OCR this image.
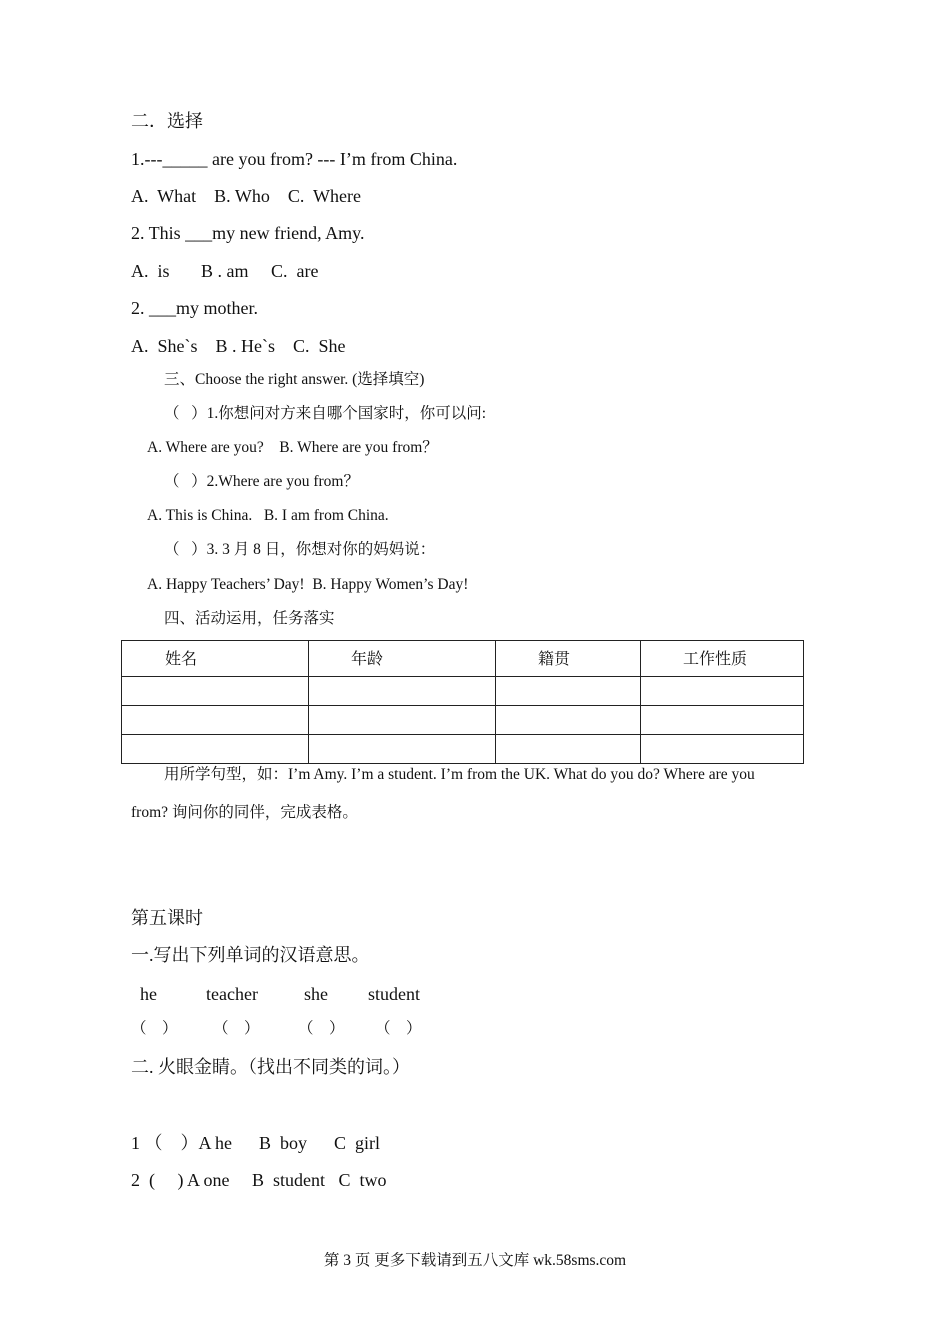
二．选择
1.---_____ are you from? --- I’m from China.
A.  What    B. Who    C.  Where
2. This ___my new friend, Amy.
A.  is       B . am     C.  are
2. ___my mother.
A.  She`s    B . He`s    C.  She
三、Choose the right answer. (选择填空)
（   ）1.你想问对方来自哪个国家时，你可以问:
A. Where are you?    B. Where are you from？
（   ）2.Where are you from？
A. This is China.   B. I am from China.
（   ）3. 3 月 8 日，你想对你的妈妈说：
A. Happy Teachers’ Day!  B. Happy Women’s Day!
四、活动运用，任务落实
姓名	年龄	籍贯	工作性质

用所学句型，如：I’m Amy. I’m a student. I’m from the UK. What do you do? Where are you
from? 询问你的同伴，完成表格。
第五课时
一.写出下列单词的汉语意思。
he	teacher	she student
（    ） （    ） （    ） （    ）
二. 火眼金睛。（找出不同类的词。）
1 （    ）A he      B  boy      C  girl
2  (     ) A one     B  student   C  two
第 3 页 更多下载请到五八文库 wk.58sms.com
